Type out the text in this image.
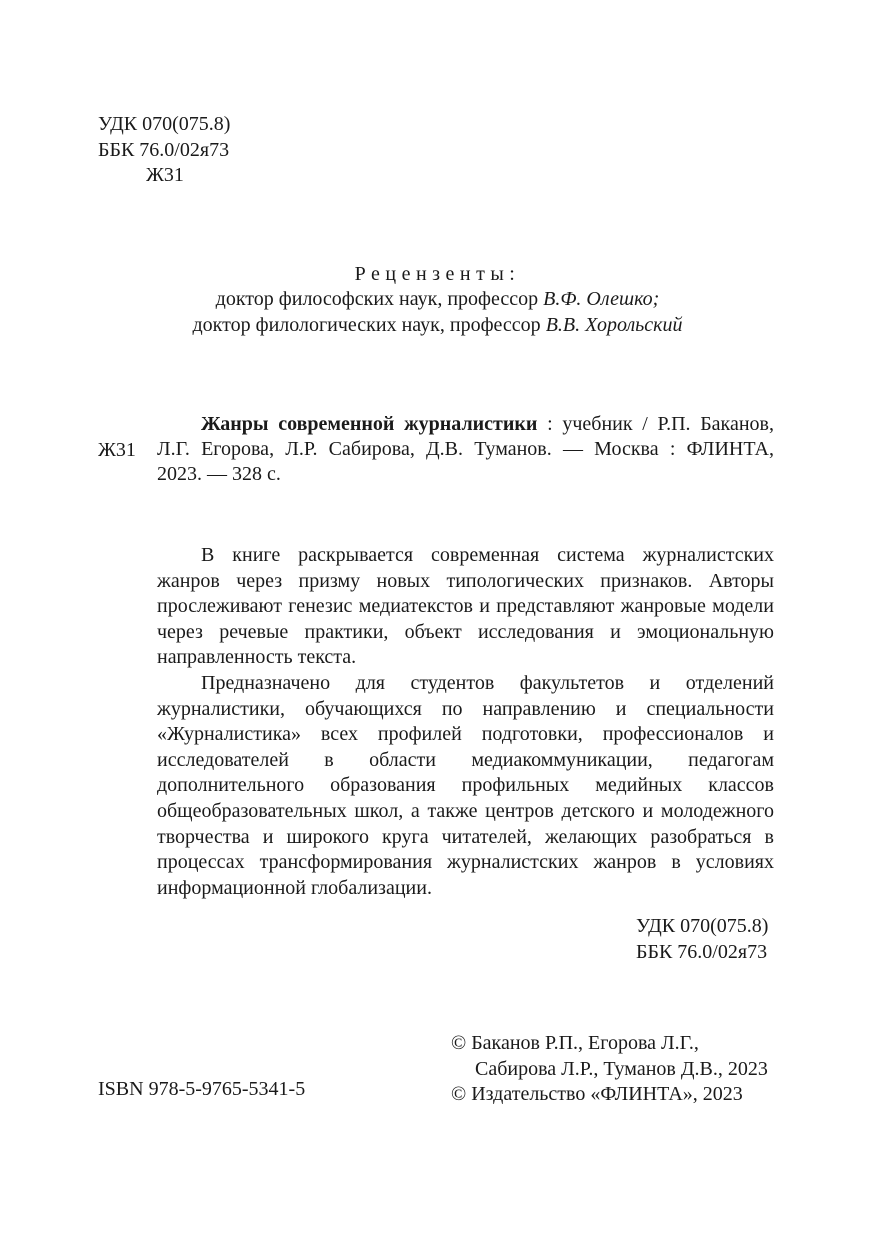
УДК 070(075.8)
ББК 76.0/02я73
Ж31
Рецензенты:
доктор философских наук, профессор В.Ф. Олешко;
доктор филологических наук, профессор В.В. Хорольский
Ж31
Жанры современной журналистики : учебник / Р.П. Баканов,
Л.Г. Егорова, Л.Р. Сабирова, Д.В. Туманов. — Москва : ФЛИНТА,
2023. — 328 с.

В книге раскрывается современная система журналистских жанров через призму новых типологических признаков. Авторы прослеживают генезис медиатекстов и представляют жанровые модели через речевые практики, объект исследования и эмоциональную направленность текста.

Предназначено для студентов факультетов и отделений журналистики, обучающихся по направлению и специальности «Журналистика» всех профилей подготовки, профессионалов и исследователей в области медиакоммуникации, педагогам дополнительного образования профильных медийных классов общеобразовательных школ, а также центров детского и молодежного творчества и широкого круга читателей, желающих разобраться в процессах трансформирования журналистских жанров в условиях информационной глобализации.

УДК 070(075.8)
ББК 76.0/02я73
© Баканов Р.П., Егорова Л.Г.,
Сабирова Л.Р., Туманов Д.В., 2023
© Издательство «ФЛИНТА», 2023
ISBN 978-5-9765-5341-5
